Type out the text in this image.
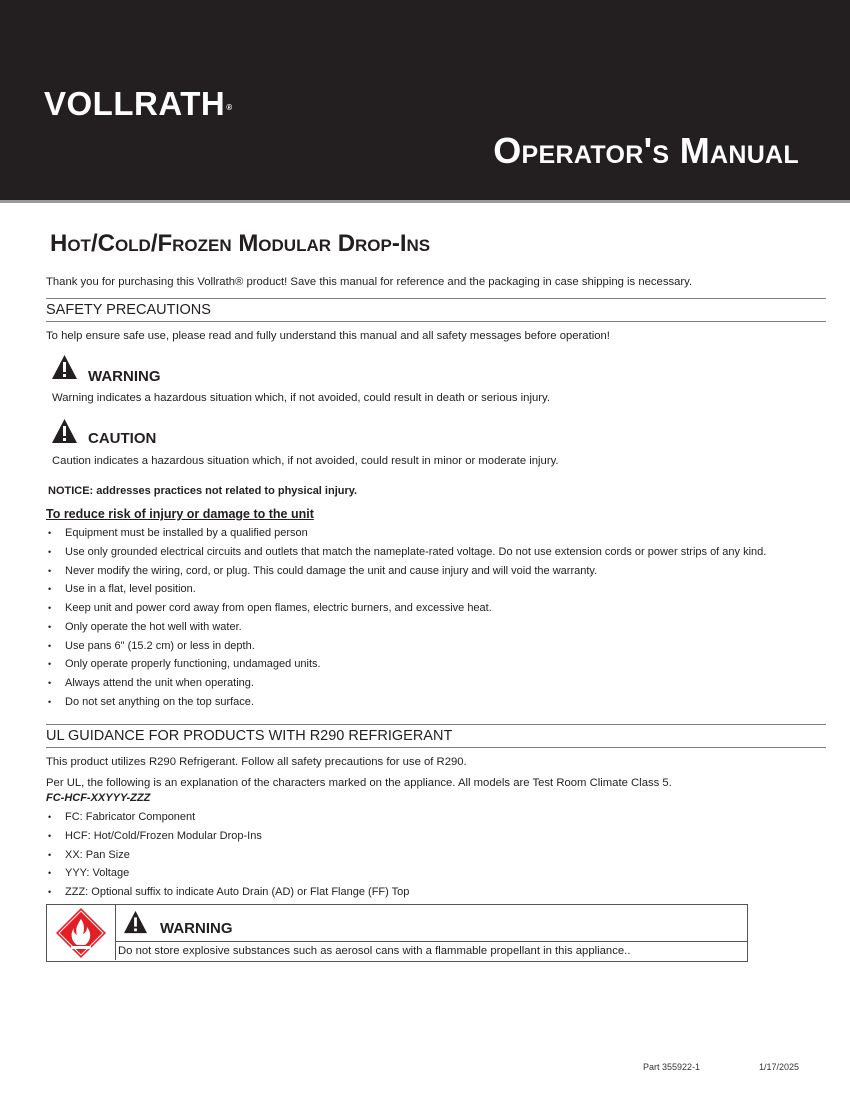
VOLLRATH®
Operator's Manual
Hot/Cold/Frozen Modular Drop-Ins
Thank you for purchasing this Vollrath® product! Save this manual for reference and the packaging in case shipping is necessary.
SAFETY PRECAUTIONS
To help ensure safe use, please read and fully understand this manual and all safety messages before operation!
WARNING
Warning indicates a hazardous situation which, if not avoided, could result in death or serious injury.
CAUTION
Caution indicates a hazardous situation which, if not avoided, could result in minor or moderate injury.
NOTICE: addresses practices not related to physical injury.
To reduce risk of injury or damage to the unit
• Equipment must be installed by a qualified person
• Use only grounded electrical circuits and outlets that match the nameplate-rated voltage. Do not use extension cords or power strips of any kind.
• Never modify the wiring, cord, or plug. This could damage the unit and cause injury and will void the warranty.
• Use in a flat, level position.
• Keep unit and power cord away from open flames, electric burners, and excessive heat.
• Only operate the hot well with water.
• Use pans 6" (15.2 cm) or less in depth.
• Only operate properly functioning, undamaged units.
• Always attend the unit when operating.
• Do not set anything on the top surface.
UL GUIDANCE FOR PRODUCTS WITH R290 REFRIGERANT
This product utilizes R290 Refrigerant. Follow all safety precautions for use of R290.
Per UL, the following is an explanation of the characters marked on the appliance. All models are Test Room Climate Class 5.
FC-HCF-XXYYY-ZZZ
• FC: Fabricator Component
• HCF: Hot/Cold/Frozen Modular Drop-Ins
• XX: Pan Size
• YYY: Voltage
• ZZZ: Optional suffix to indicate Auto Drain (AD) or Flat Flange (FF) Top
WARNING
Do not store explosive substances such as aerosol cans with a flammable propellant in this appliance..
Part 355922-1	1/17/2025
